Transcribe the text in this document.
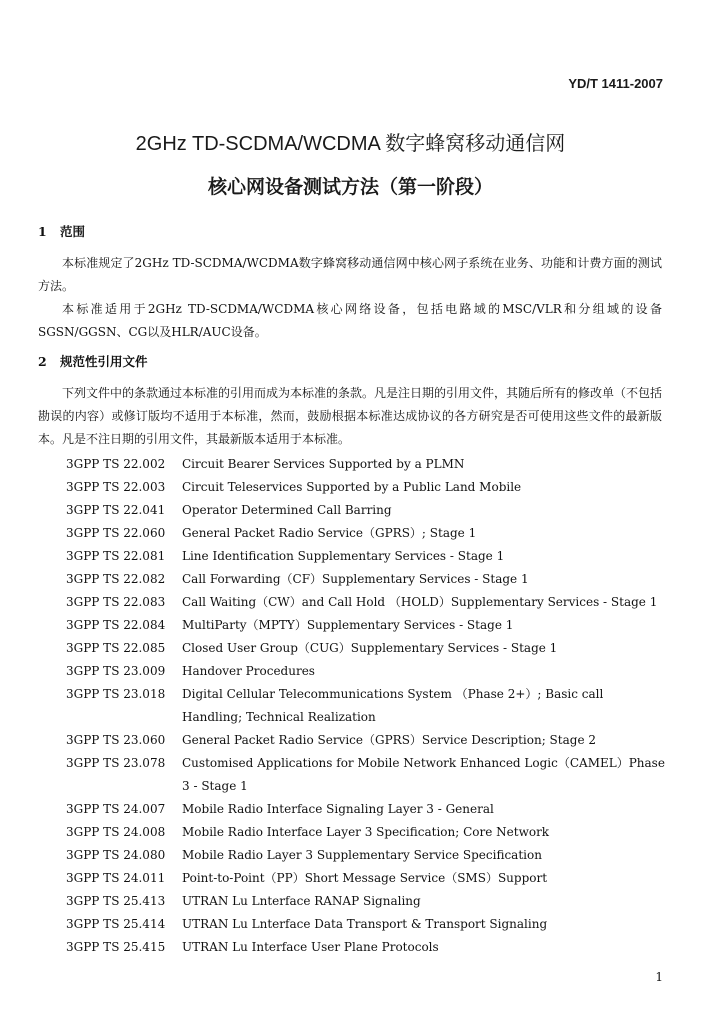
YD/T 1411-2007
2GHz TD-SCDMA/WCDMA 数字蜂窝移动通信网
核心网设备测试方法（第一阶段）
1 范围

本标准规定了2GHz TD-SCDMA/WCDMA数字蜂窝移动通信网中核心网子系统在业务、功能和计费方面的测试方法。

本标准适用于2GHz TD-SCDMA/WCDMA核心网络设备，包括电路域的MSC/VLR和分组域的设备SGSN/GGSN、CG以及HLR/AUC设备。

2 规范性引用文件

下列文件中的条款通过本标准的引用而成为本标准的条款。凡是注日期的引用文件，其随后所有的修改单（不包括勘误的内容）或修订版均不适用于本标准，然而，鼓励根据本标准达成协议的各方研究是否可使用这些文件的最新版本。凡是不注日期的引用文件，其最新版本适用于本标准。

3GPP TS 22.002	Circuit Bearer Services Supported by a PLMN
3GPP TS 22.003	Circuit Teleservices Supported by a Public Land Mobile
3GPP TS 22.041	Operator Determined Call Barring
3GPP TS 22.060	General Packet Radio Service（GPRS）; Stage 1
3GPP TS 22.081	Line Identification Supplementary Services - Stage 1
3GPP TS 22.082	Call Forwarding（CF）Supplementary Services - Stage 1
3GPP TS 22.083	Call Waiting（CW）and Call Hold （HOLD）Supplementary Services - Stage 1
3GPP TS 22.084	MultiParty（MPTY）Supplementary Services - Stage 1
3GPP TS 22.085	Closed User Group（CUG）Supplementary Services - Stage 1
3GPP TS 23.009	Handover Procedures
3GPP TS 23.018	Digital Cellular Telecommunications System （Phase 2+）; Basic call Handling; Technical Realization
3GPP TS 23.060	General Packet Radio Service（GPRS）Service Description; Stage 2
3GPP TS 23.078	Customised Applications for Mobile Network Enhanced Logic（CAMEL）Phase 3 - Stage 1
3GPP TS 24.007	Mobile Radio Interface Signaling Layer 3 - General
3GPP TS 24.008	Mobile Radio Interface Layer 3 Specification; Core Network
3GPP TS 24.080	Mobile Radio Layer 3 Supplementary Service Specification
3GPP TS 24.011	Point-to-Point（PP）Short Message Service（SMS）Support
3GPP TS 25.413	UTRAN Lu Lnterface RANAP Signaling
3GPP TS 25.414	UTRAN Lu Lnterface Data Transport & Transport Signaling
3GPP TS 25.415	UTRAN Lu Interface User Plane Protocols
1
